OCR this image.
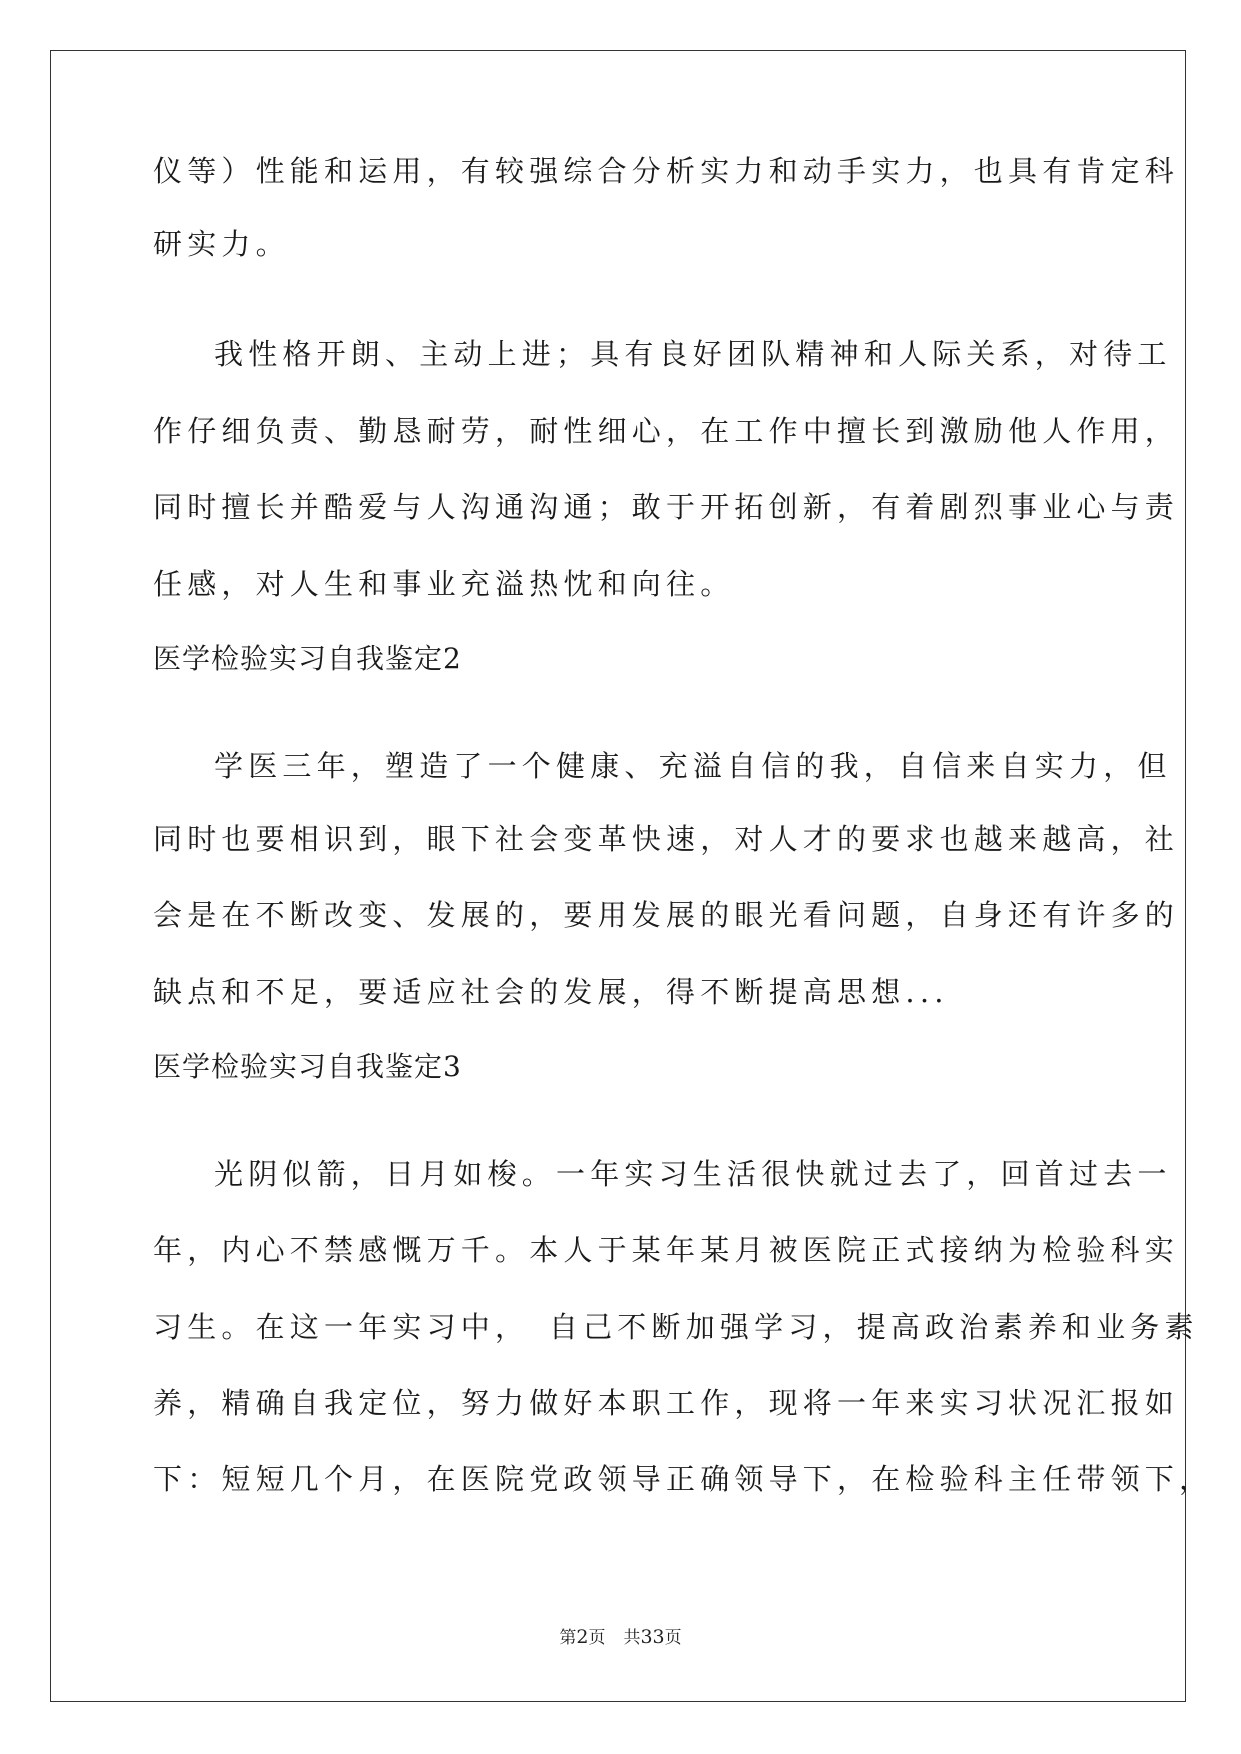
仪等）性能和运用，有较强综合分析实力和动手实力，也具有肯定科
研实力。
我性格开朗、主动上进；具有良好团队精神和人际关系，对待工
作仔细负责、勤恳耐劳，耐性细心，在工作中擅长到激励他人作用，
同时擅长并酷爱与人沟通沟通；敢于开拓创新，有着剧烈事业心与责
任感，对人生和事业充溢热忱和向往。
医学检验实习自我鉴定2
学医三年，塑造了一个健康、充溢自信的我，自信来自实力，但
同时也要相识到，眼下社会变革快速，对人才的要求也越来越高，社
会是在不断改变、发展的，要用发展的眼光看问题，自身还有许多的
缺点和不足，要适应社会的发展，得不断提高思想...
医学检验实习自我鉴定3
光阴似箭，日月如梭。一年实习生活很快就过去了，回首过去一
年，内心不禁感慨万千。本人于某年某月被医院正式接纳为检验科实
习生。在这一年实习中，　自己不断加强学习，提高政治素养和业务素
养，精确自我定位，努力做好本职工作，现将一年来实习状况汇报如
下：短短几个月，在医院党政领导正确领导下，在检验科主任带领下，
第2页 共33页
